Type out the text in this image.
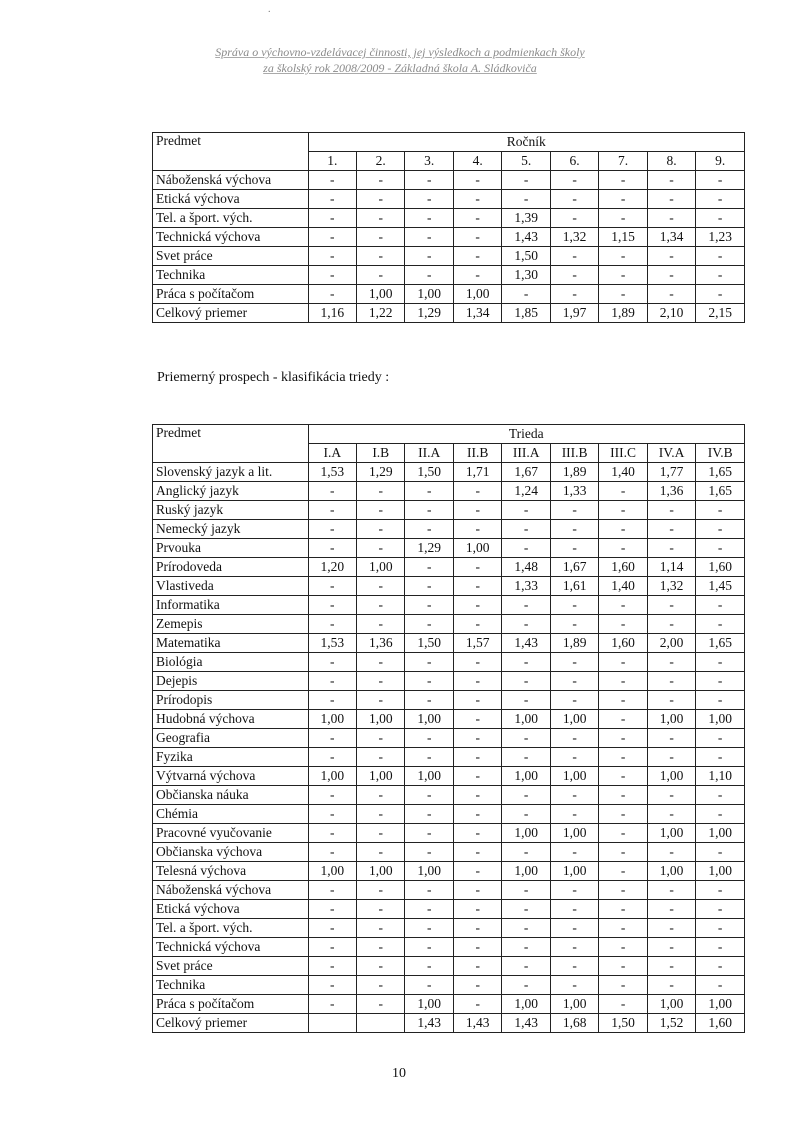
.
Správa o výchovno-vzdelávacej činnosti, jej výsledkoch a podmienkach školy
za školský rok 2008/2009 - Základná škola A. Sládkoviča
Predmet	Ročník								
	1.	2.	3.	4.	5.	6.	7.	8.	9.
Náboženská výchova	-	-	-	-	-	-	-	-	-
Etická výchova	-	-	-	-	-	-	-	-	-
Tel. a šport. vých.	-	-	-	-	1,39	-	-	-	-
Technická výchova	-	-	-	-	1,43	1,32	1,15	1,34	1,23
Svet práce	-	-	-	-	1,50	-	-	-	-
Technika	-	-	-	-	1,30	-	-	-	-
Práca s počítačom	-	1,00	1,00	1,00	-	-	-	-	-
Celkový priemer	1,16	1,22	1,29	1,34	1,85	1,97	1,89	2,10	2,15
Priemerný prospech - klasifikácia triedy :
Predmet	Trieda								
	I.A	I.B	II.A	II.B	III.A	III.B	III.C	IV.A	IV.B
Slovenský jazyk a lit.	1,53	1,29	1,50	1,71	1,67	1,89	1,40	1,77	1,65
Anglický jazyk	-	-	-	-	1,24	1,33	-	1,36	1,65
Ruský jazyk	-	-	-	-	-	-	-	-	-
Nemecký jazyk	-	-	-	-	-	-	-	-	-
Prvouka	-	-	1,29	1,00	-	-	-	-	-
Prírodoveda	1,20	1,00	-	-	1,48	1,67	1,60	1,14	1,60
Vlastiveda	-	-	-	-	1,33	1,61	1,40	1,32	1,45
Informatika	-	-	-	-	-	-	-	-	-
Zemepis	-	-	-	-	-	-	-	-	-
Matematika	1,53	1,36	1,50	1,57	1,43	1,89	1,60	2,00	1,65
Biológia	-	-	-	-	-	-	-	-	-
Dejepis	-	-	-	-	-	-	-	-	-
Prírodopis	-	-	-	-	-	-	-	-	-
Hudobná výchova	1,00	1,00	1,00	-	1,00	1,00	-	1,00	1,00
Geografia	-	-	-	-	-	-	-	-	-
Fyzika	-	-	-	-	-	-	-	-	-
Výtvarná výchova	1,00	1,00	1,00	-	1,00	1,00	-	1,00	1,10
Občianska náuka	-	-	-	-	-	-	-	-	-
Chémia	-	-	-	-	-	-	-	-	-
Pracovné vyučovanie	-	-	-	-	1,00	1,00	-	1,00	1,00
Občianska výchova	-	-	-	-	-	-	-	-	-
Telesná výchova	1,00	1,00	1,00	-	1,00	1,00	-	1,00	1,00
Náboženská výchova	-	-	-	-	-	-	-	-	-
Etická výchova	-	-	-	-	-	-	-	-	-
Tel. a šport. vých.	-	-	-	-	-	-	-	-	-
Technická výchova	-	-	-	-	-	-	-	-	-
Svet práce	-	-	-	-	-	-	-	-	-
Technika	-	-	-	-	-	-	-	-	-
Práca s počítačom	-	-	1,00	-	1,00	1,00	-	1,00	1,00
Celkový priemer			1,43	1,43	1,43	1,68	1,50	1,52	1,60
10
